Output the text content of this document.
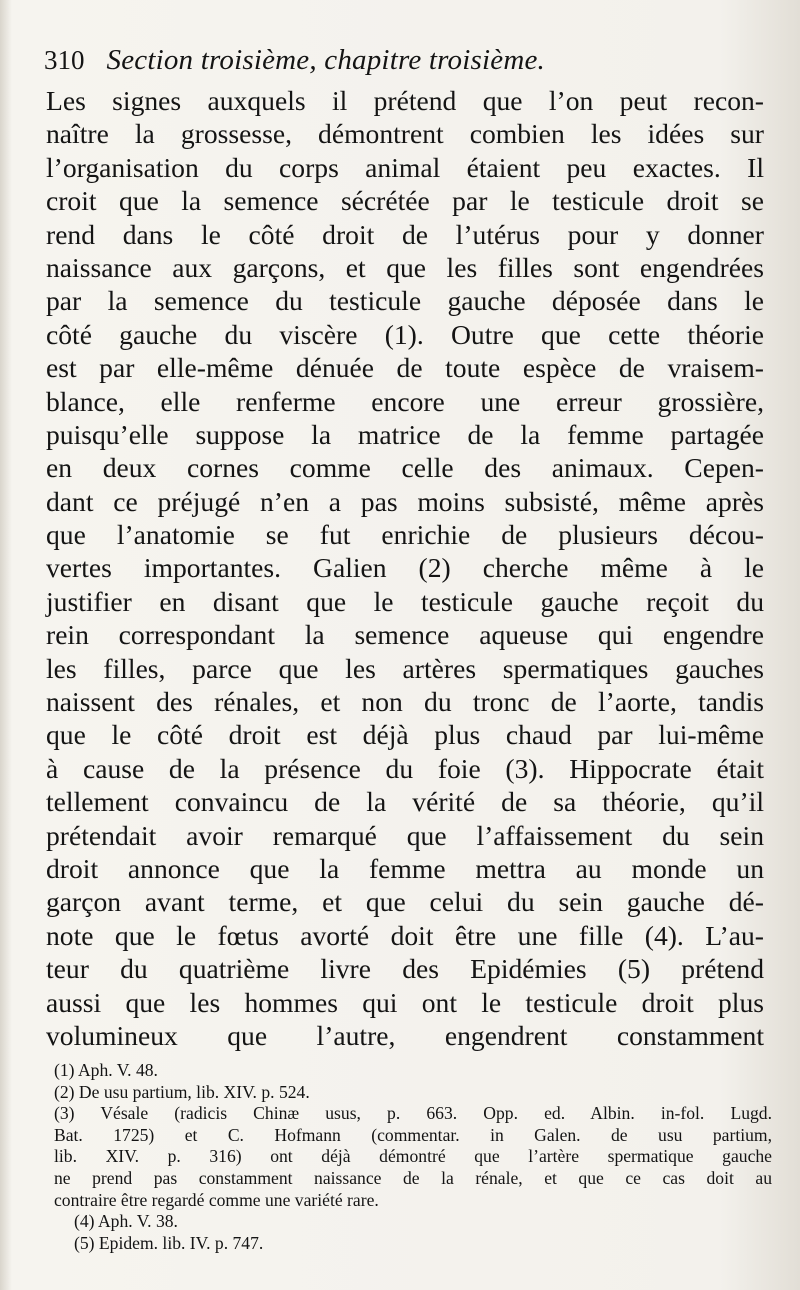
310 Section troisième, chapitre troisième.
Les signes auxquels il prétend que l’on peut recon-
naître la grossesse, démontrent combien les idées sur
l’organisation du corps animal étaient peu exactes. Il
croit que la semence sécrétée par le testicule droit se
rend dans le côté droit de l’utérus pour y donner
naissance aux garçons, et que les filles sont engendrées
par la semence du testicule gauche déposée dans le
côté gauche du viscère (1). Outre que cette théorie
est par elle-même dénuée de toute espèce de vraisem-
blance, elle renferme encore une erreur grossière,
puisqu’elle suppose la matrice de la femme partagée
en deux cornes comme celle des animaux. Cepen-
dant ce préjugé n’en a pas moins subsisté, même après
que l’anatomie se fut enrichie de plusieurs décou-
vertes importantes. Galien (2) cherche même à le
justifier en disant que le testicule gauche reçoit du
rein correspondant la semence aqueuse qui engendre
les filles, parce que les artères spermatiques gauches
naissent des rénales, et non du tronc de l’aorte, tandis
que le côté droit est déjà plus chaud par lui-même
à cause de la présence du foie (3). Hippocrate était
tellement convaincu de la vérité de sa théorie, qu’il
prétendait avoir remarqué que l’affaissement du sein
droit annonce que la femme mettra au monde un
garçon avant terme, et que celui du sein gauche dé-
note que le fœtus avorté doit être une fille (4). L’au-
teur du quatrième livre des Epidémies (5) prétend
aussi que les hommes qui ont le testicule droit plus
volumineux que l’autre, engendrent constamment
(1) Aph. V. 48.
(2) De usu partium, lib. XIV. p. 524.
(3) Vésale (radicis Chinæ usus, p. 663. Opp. ed. Albin. in-fol. Lugd.
Bat. 1725) et C. Hofmann (commentar. in Galen. de usu partium,
lib. XIV. p. 316) ont déjà démontré que l’artère spermatique gauche
ne prend pas constamment naissance de la rénale, et que ce cas doit au
contraire être regardé comme une variété rare.
(4) Aph. V. 38.
(5) Epidem. lib. IV. p. 747.
